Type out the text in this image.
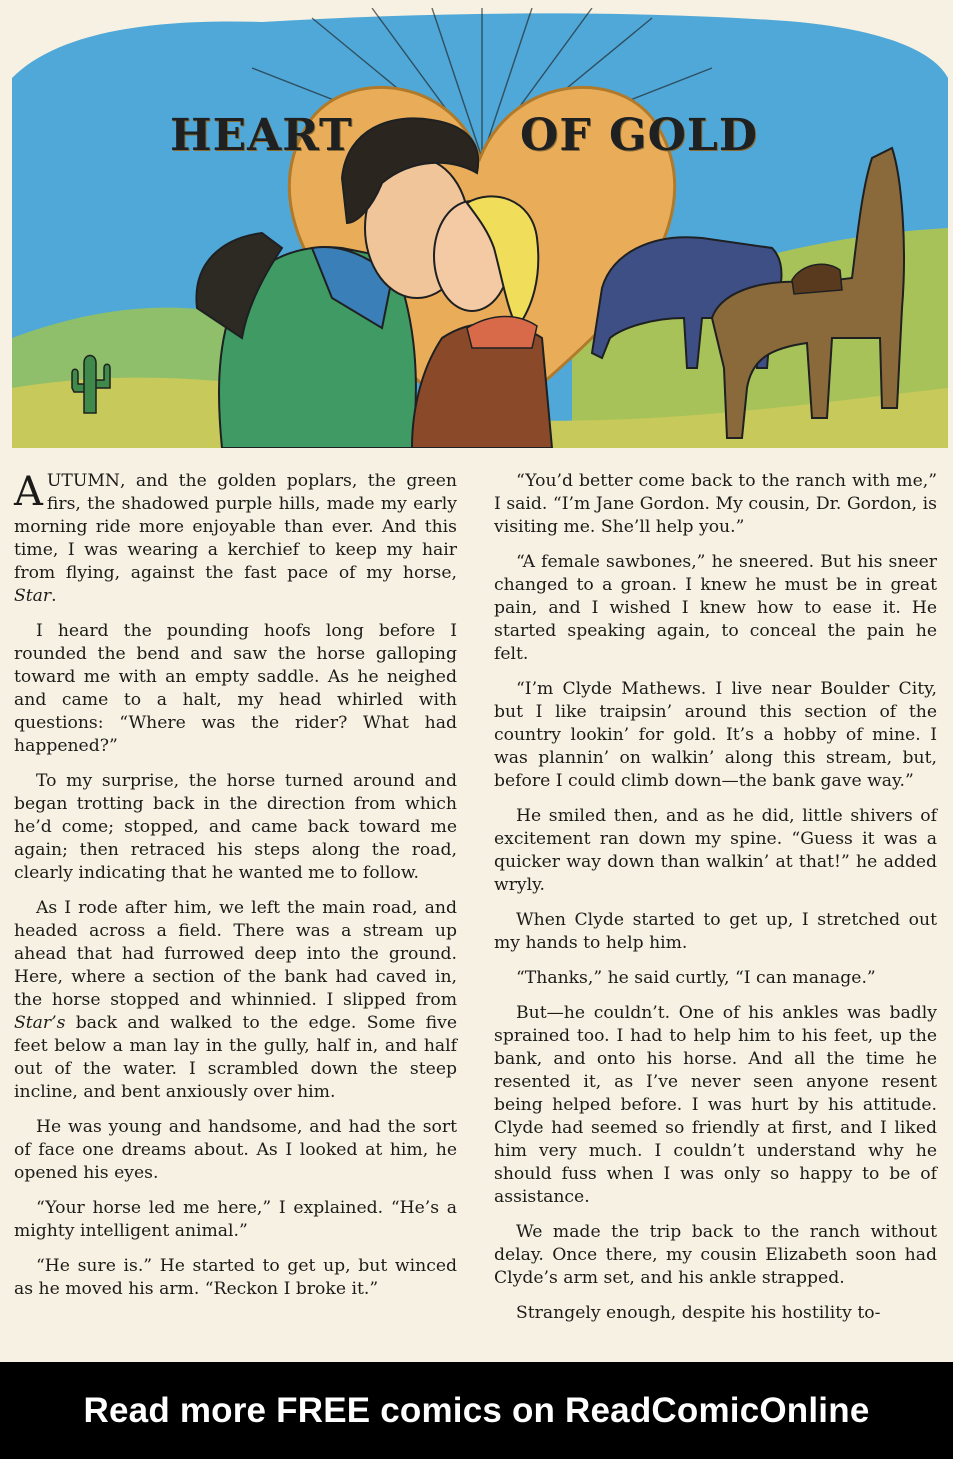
HEART	OF GOLD

AUTUMN, and the golden poplars, the green firs, the shadowed purple hills, made my early morning ride more enjoyable than ever. And this time, I was wearing a kerchief to keep my hair from flying, against the fast pace of my horse, Star.

I heard the pounding hoofs long before I rounded the bend and saw the horse galloping toward me with an empty saddle. As he neighed and came to a halt, my head whirled with questions: “Where was the rider? What had happened?”

To my surprise, the horse turned around and began trotting back in the direction from which he’d come; stopped, and came back toward me again; then retraced his steps along the road, clearly indicating that he wanted me to follow.

As I rode after him, we left the main road, and headed across a field. There was a stream up ahead that had furrowed deep into the ground. Here, where a section of the bank had caved in, the horse stopped and whinnied. I slipped from Star’s back and walked to the edge. Some five feet below a man lay in the gully, half in, and half out of the water. I scrambled down the steep incline, and bent anxiously over him.

He was young and handsome, and had the sort of face one dreams about. As I looked at him, he opened his eyes.

“Your horse led me here,” I explained. “He’s a mighty intelligent animal.”

“He sure is.” He started to get up, but winced as he moved his arm. “Reckon I broke it.”

“You’d better come back to the ranch with me,” I said. “I’m Jane Gordon. My cousin, Dr. Gordon, is visiting me. She’ll help you.”

“A female sawbones,” he sneered. But his sneer changed to a groan. I knew he must be in great pain, and I wished I knew how to ease it. He started speaking again, to conceal the pain he felt.

“I’m Clyde Mathews. I live near Boulder City, but I like traipsin’ around this section of the country lookin’ for gold. It’s a hobby of mine. I was plannin’ on walkin’ along this stream, but, before I could climb down—the bank gave way.”

He smiled then, and as he did, little shivers of excitement ran down my spine. “Guess it was a quicker way down than walkin’ at that!” he added wryly.

When Clyde started to get up, I stretched out my hands to help him.

“Thanks,” he said curtly, “I can manage.”

But—he couldn’t. One of his ankles was badly sprained too. I had to help him to his feet, up the bank, and onto his horse. And all the time he resented it, as I’ve never seen anyone resent being helped before. I was hurt by his attitude. Clyde had seemed so friendly at first, and I liked him very much. I couldn’t understand why he should fuss when I was only so happy to be of assistance.

We made the trip back to the ranch without delay. Once there, my cousin Elizabeth soon had Clyde’s arm set, and his ankle strapped.

Strangely enough, despite his hostility to-

Read more FREE comics on ReadComicOnline
